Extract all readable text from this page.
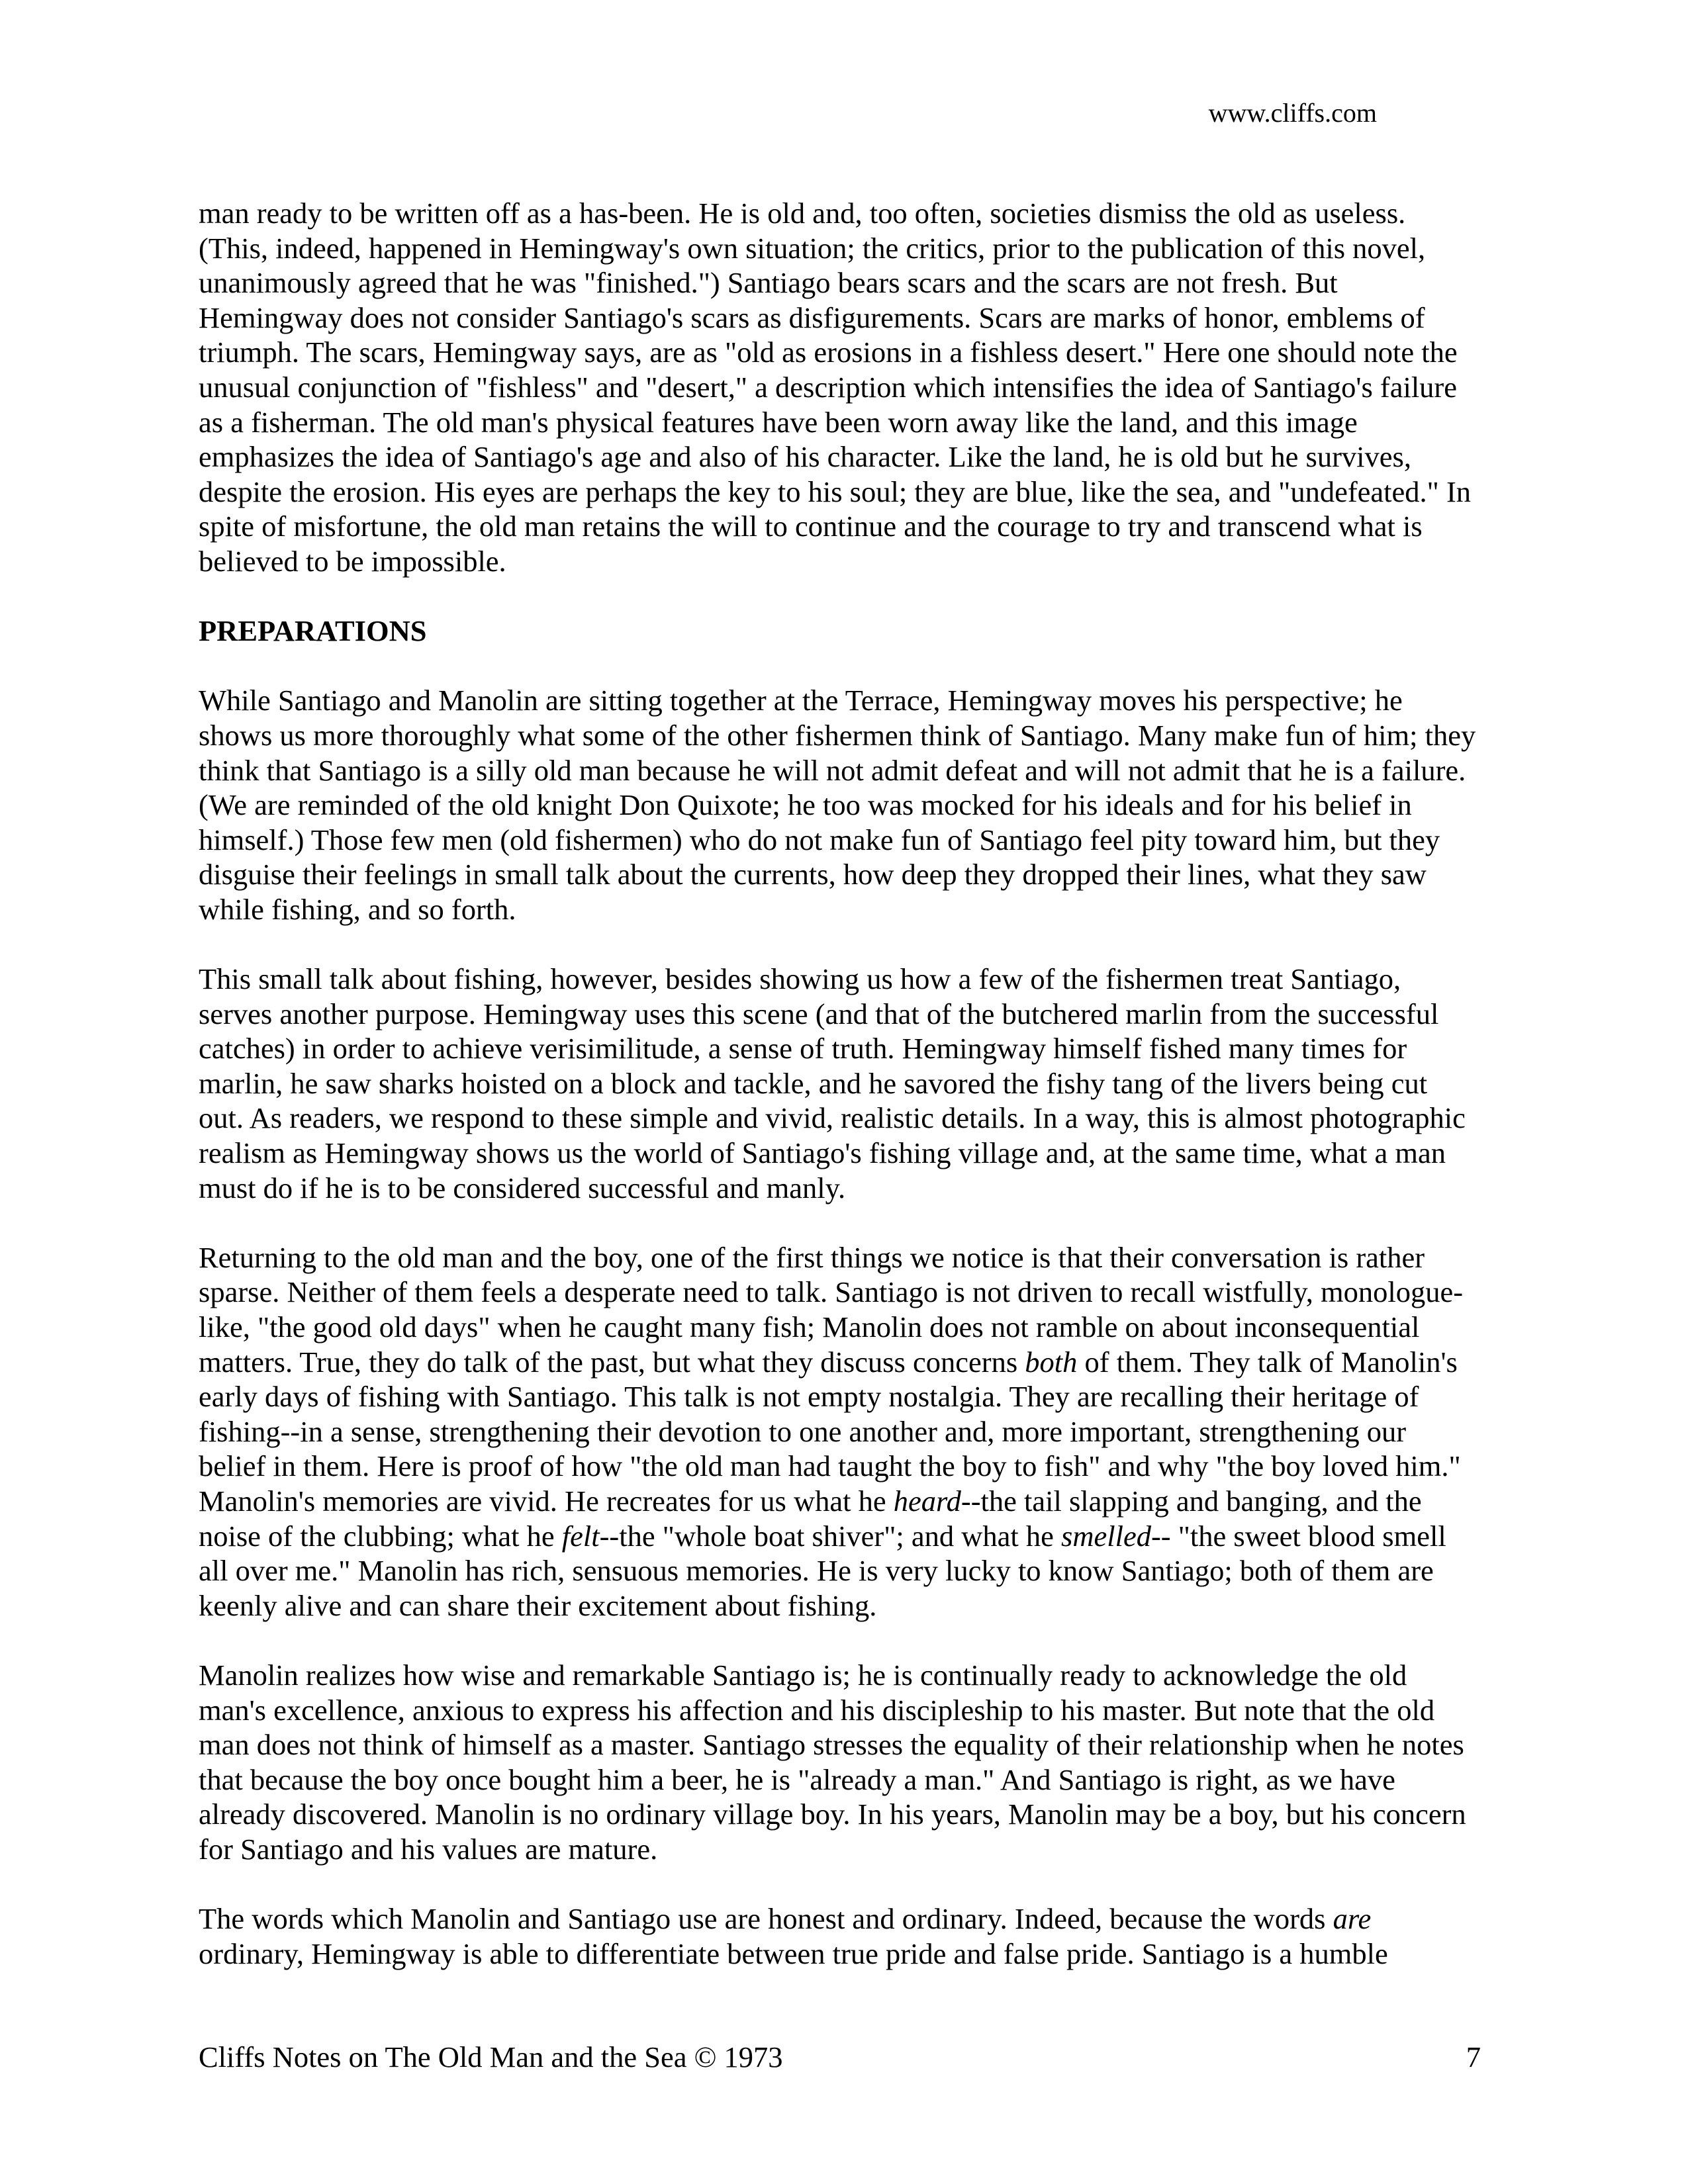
www.cliffs.com

man ready to be written off as a has-been. He is old and, too often, societies dismiss the old as useless. (This, indeed, happened in Hemingway's own situation; the critics, prior to the publication of this novel, unanimously agreed that he was "finished.") Santiago bears scars and the scars are not fresh. But Hemingway does not consider Santiago's scars as disfigurements. Scars are marks of honor, emblems of triumph. The scars, Hemingway says, are as "old as erosions in a fishless desert." Here one should note the unusual conjunction of "fishless" and "desert," a description which intensifies the idea of Santiago's failure as a fisherman. The old man's physical features have been worn away like the land, and this image emphasizes the idea of Santiago's age and also of his character. Like the land, he is old but he survives, despite the erosion. His eyes are perhaps the key to his soul; they are blue, like the sea, and "undefeated." In spite of misfortune, the old man retains the will to continue and the courage to try and transcend what is believed to be impossible.

PREPARATIONS

While Santiago and Manolin are sitting together at the Terrace, Hemingway moves his perspective; he shows us more thoroughly what some of the other fishermen think of Santiago. Many make fun of him; they think that Santiago is a silly old man because he will not admit defeat and will not admit that he is a failure. (We are reminded of the old knight Don Quixote; he too was mocked for his ideals and for his belief in himself.) Those few men (old fishermen) who do not make fun of Santiago feel pity toward him, but they disguise their feelings in small talk about the currents, how deep they dropped their lines, what they saw while fishing, and so forth.

This small talk about fishing, however, besides showing us how a few of the fishermen treat Santiago, serves another purpose. Hemingway uses this scene (and that of the butchered marlin from the successful catches) in order to achieve verisimilitude, a sense of truth. Hemingway himself fished many times for marlin, he saw sharks hoisted on a block and tackle, and he savored the fishy tang of the livers being cut out. As readers, we respond to these simple and vivid, realistic details. In a way, this is almost photographic realism as Hemingway shows us the world of Santiago's fishing village and, at the same time, what a man must do if he is to be considered successful and manly.

Returning to the old man and the boy, one of the first things we notice is that their conversation is rather sparse. Neither of them feels a desperate need to talk. Santiago is not driven to recall wistfully, monologue-like, "the good old days" when he caught many fish; Manolin does not ramble on about inconsequential matters. True, they do talk of the past, but what they discuss concerns both of them. They talk of Manolin's early days of fishing with Santiago. This talk is not empty nostalgia. They are recalling their heritage of fishing--in a sense, strengthening their devotion to one another and, more important, strengthening our belief in them. Here is proof of how "the old man had taught the boy to fish" and why "the boy loved him." Manolin's memories are vivid. He recreates for us what he heard--the tail slapping and banging, and the noise of the clubbing; what he felt--the "whole boat shiver"; and what he smelled-- "the sweet blood smell all over me." Manolin has rich, sensuous memories. He is very lucky to know Santiago; both of them are keenly alive and can share their excitement about fishing.

Manolin realizes how wise and remarkable Santiago is; he is continually ready to acknowledge the old man's excellence, anxious to express his affection and his discipleship to his master. But note that the old man does not think of himself as a master. Santiago stresses the equality of their relationship when he notes that because the boy once bought him a beer, he is "already a man." And Santiago is right, as we have already discovered. Manolin is no ordinary village boy. In his years, Manolin may be a boy, but his concern for Santiago and his values are mature.

The words which Manolin and Santiago use are honest and ordinary. Indeed, because the words are ordinary, Hemingway is able to differentiate between true pride and false pride. Santiago is a humble

Cliffs Notes on The Old Man and the Sea © 1973	7
